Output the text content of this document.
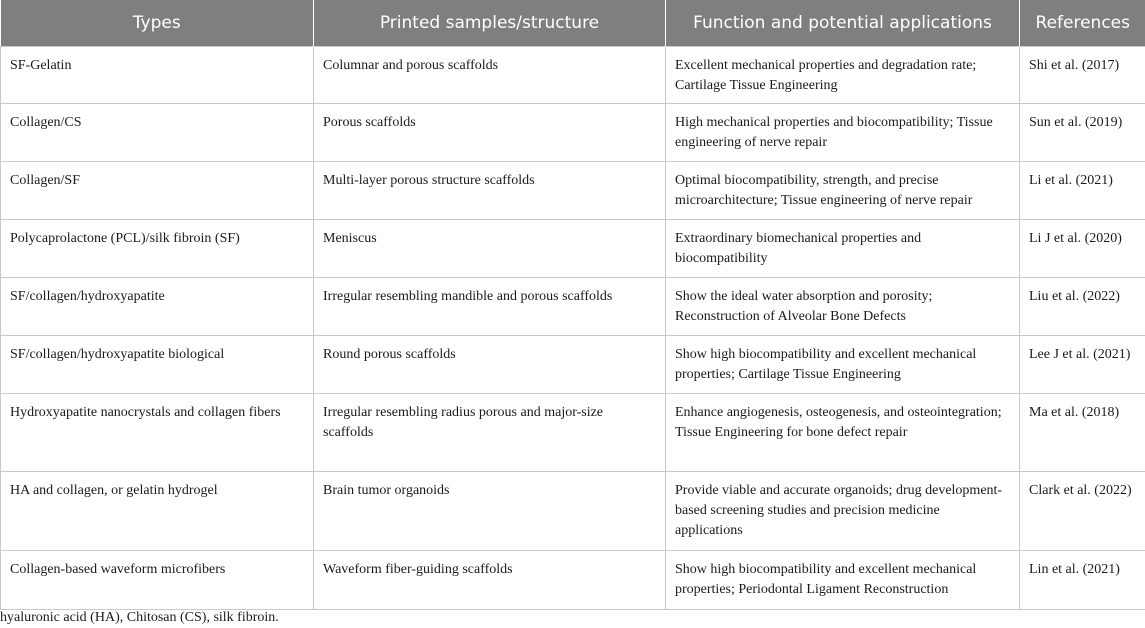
Types	Printed samples/structure	Function and potential applications	References
SF-Gelatin	Columnar and porous scaffolds	Excellent mechanical properties and degradation rate; Cartilage Tissue Engineering	Shi et al. (2017)
Collagen/CS	Porous scaffolds	High mechanical properties and biocompatibility; Tissue engineering of nerve repair	Sun et al. (2019)
Collagen/SF	Multi-layer porous structure scaffolds	Optimal biocompatibility, strength, and precise microarchitecture; Tissue engineering of nerve repair	Li et al. (2021)
Polycaprolactone (PCL)/silk fibroin (SF)	Meniscus	Extraordinary biomechanical properties and biocompatibility	Li J et al. (2020)
SF/collagen/hydroxyapatite	Irregular resembling mandible and porous scaffolds	Show the ideal water absorption and porosity; Reconstruction of Alveolar Bone Defects	Liu et al. (2022)
SF/collagen/hydroxyapatite biological	Round porous scaffolds	Show high biocompatibility and excellent mechanical properties; Cartilage Tissue Engineering	Lee J et al. (2021)
Hydroxyapatite nanocrystals and collagen fibers	Irregular resembling radius porous and major-size scaffolds	Enhance angiogenesis, osteogenesis, and osteointegration; Tissue Engineering for bone defect repair	Ma et al. (2018)
HA and collagen, or gelatin hydrogel	Brain tumor organoids	Provide viable and accurate organoids; drug development-based screening studies and precision medicine applications	Clark et al. (2022)
Collagen-based waveform microfibers	Waveform fiber-guiding scaffolds	Show high biocompatibility and excellent mechanical properties; Periodontal Ligament Reconstruction	Lin et al. (2021)
hyaluronic acid (HA), Chitosan (CS), silk fibroin.
